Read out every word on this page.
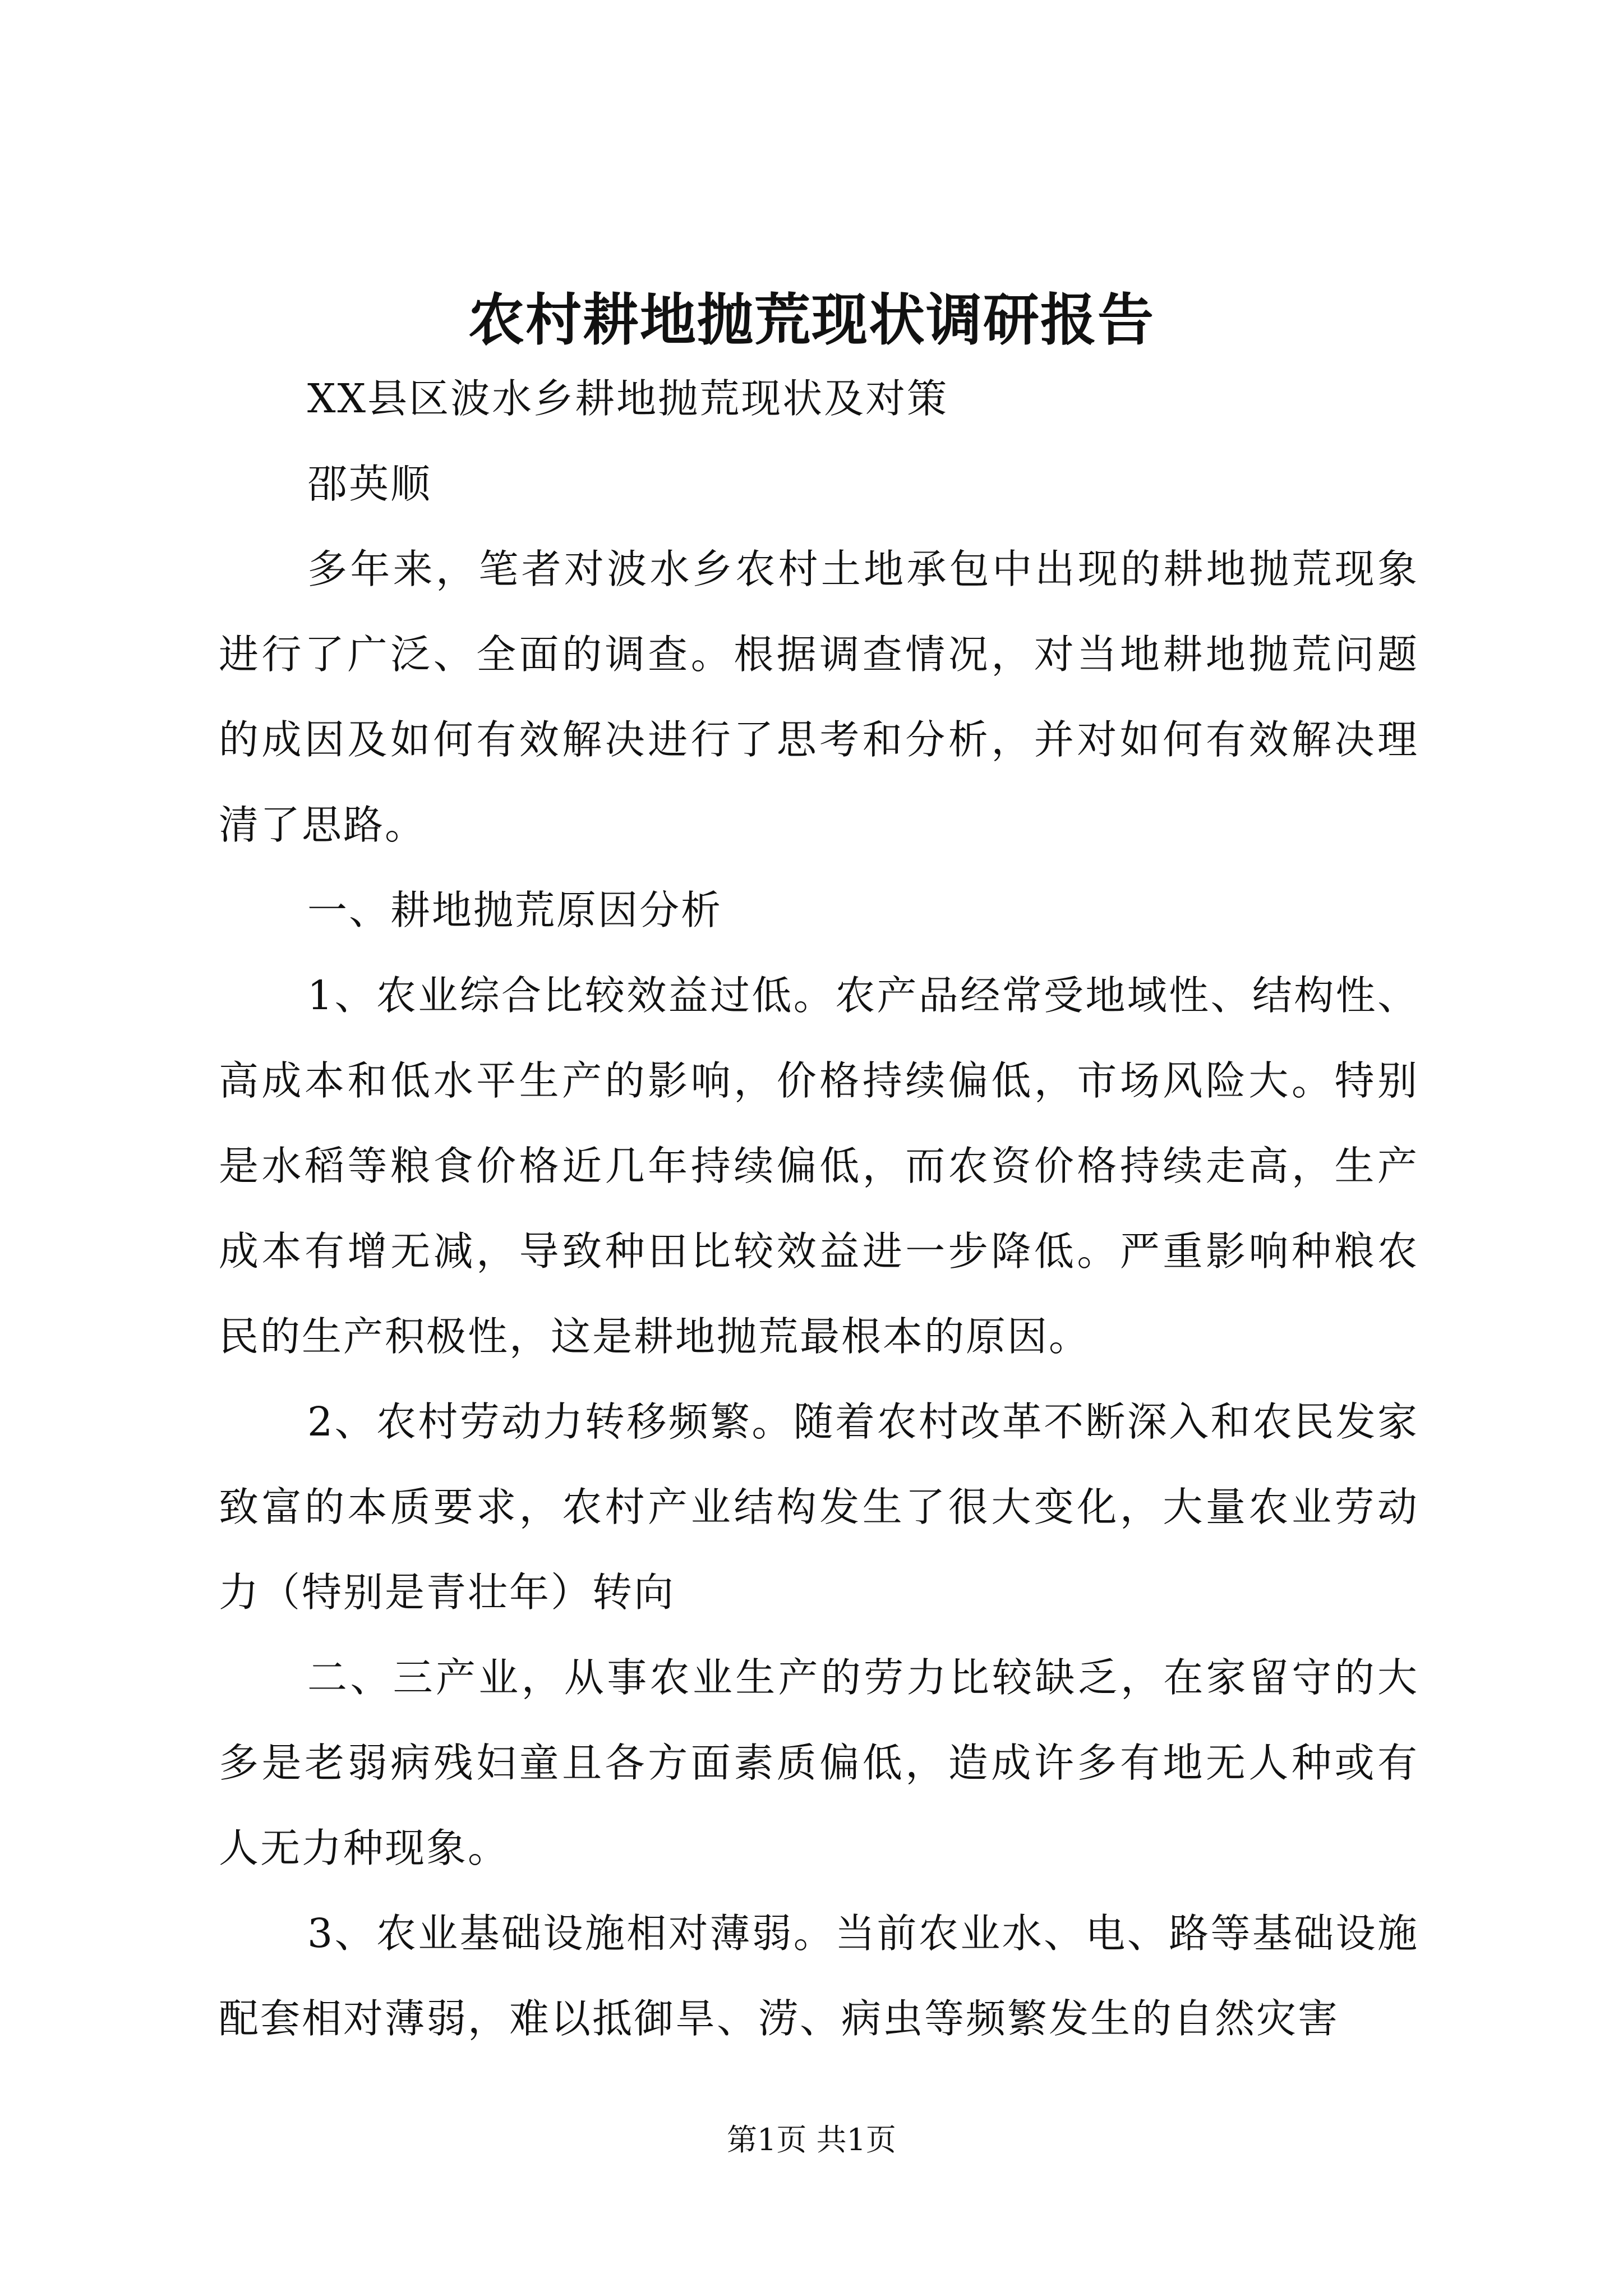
农村耕地抛荒现状调研报告

XX县区波水乡耕地抛荒现状及对策

邵英顺

多年来，笔者对波水乡农村土地承包中出现的耕地抛荒现象进行了广泛、全面的调查。根据调查情况，对当地耕地抛荒问题的成因及如何有效解决进行了思考和分析，并对如何有效解决理清了思路。

一、耕地抛荒原因分析

1、农业综合比较效益过低。农产品经常受地域性、结构性、高成本和低水平生产的影响，价格持续偏低，市场风险大。特别是水稻等粮食价格近几年持续偏低，而农资价格持续走高，生产成本有增无减，导致种田比较效益进一步降低。严重影响种粮农民的生产积极性，这是耕地抛荒最根本的原因。

2、农村劳动力转移频繁。随着农村改革不断深入和农民发家致富的本质要求，农村产业结构发生了很大变化，大量农业劳动力（特别是青壮年）转向

二、三产业，从事农业生产的劳力比较缺乏，在家留守的大多是老弱病残妇童且各方面素质偏低，造成许多有地无人种或有人无力种现象。

3、农业基础设施相对薄弱。当前农业水、电、路等基础设施配套相对薄弱，难以抵御旱、涝、病虫等频繁发生的自然灾害

第1页 共1页
